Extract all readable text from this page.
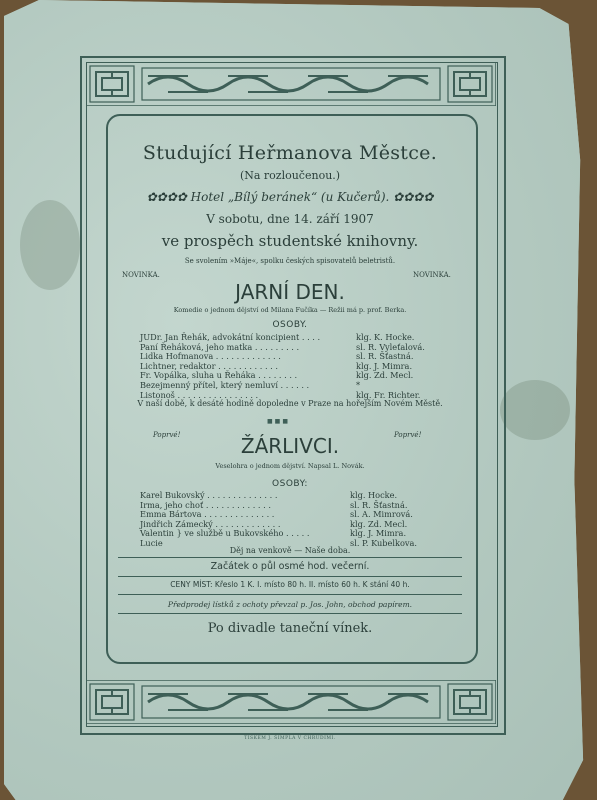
Studující Heřmanova Městce.
(Na rozloučenou.)
✿✿✿✿ Hotel „Bílý beránek“ (u Kučerů). ✿✿✿✿
V sobotu, dne 14. září 1907
ve prospěch studentské knihovny.
Se svolením »Máje«, spolku českých spisovatelů beletristů.
NOVINKA.	NOVINKA.
JARNÍ DEN.
Komedie o jednom dějství od Milana Fučíka — Režii má p. prof. Berka.
OSOBY.
JUDr. Jan Řehák, advokátní koncipient . . . .	klg. K. Hocke.
Paní Řeháková, jeho matka . . . . . . . . .	sl. R. Vyleťalová.
Lidka Hofmanova . . . . . . . . . . . . .	sl. R. Šťastná.
Lichtner, redaktor . . . . . . . . . . . .	klg. J. Mimra.
Fr. Vopálka, sluha u Řeháka . . . . . . . .	klg. Zd. Mecl.
Bezejmenný přítel, který nemluví . . . . . .	*
Listonoš . . . . . . . . . . . . . . . .	klg. Fr. Richter.
V naší době, k desáté hodině dopoledne v Praze na hořejším Novém Městě.
■■■
Poprvé!	Poprvé!
ŽÁRLIVCI.
Veselohra o jednom dějství. Napsal L. Novák.
OSOBY:
Karel Bukovský . . . . . . . . . . . . . .	klg. Hocke.
Irma, jeho choť . . . . . . . . . . . . .	sl. R. Šťastná.
Emma Bártova . . . . . . . . . . . . . .	sl. A. Mimrová.
Jindřich Zámecký . . . . . . . . . . . . .	klg. Zd. Mecl.
Valentin } ve službě u Bukovského . . . . .	klg. J. Mimra.
Lucie	sl. P. Kubelkova.
Děj na venkově — Naše doba.
Začátek o půl osmé hod. večerní.
CENY MÍST: Křeslo 1 K. I. místo 80 h. II. místo 60 h. K stání 40 h.
Předprodej lístků z ochoty převzal p. Jos. John, obchod papírem.
Po divadle taneční vínek.
TISKEM J. ŠIMPLA V CHRUDIMI.
